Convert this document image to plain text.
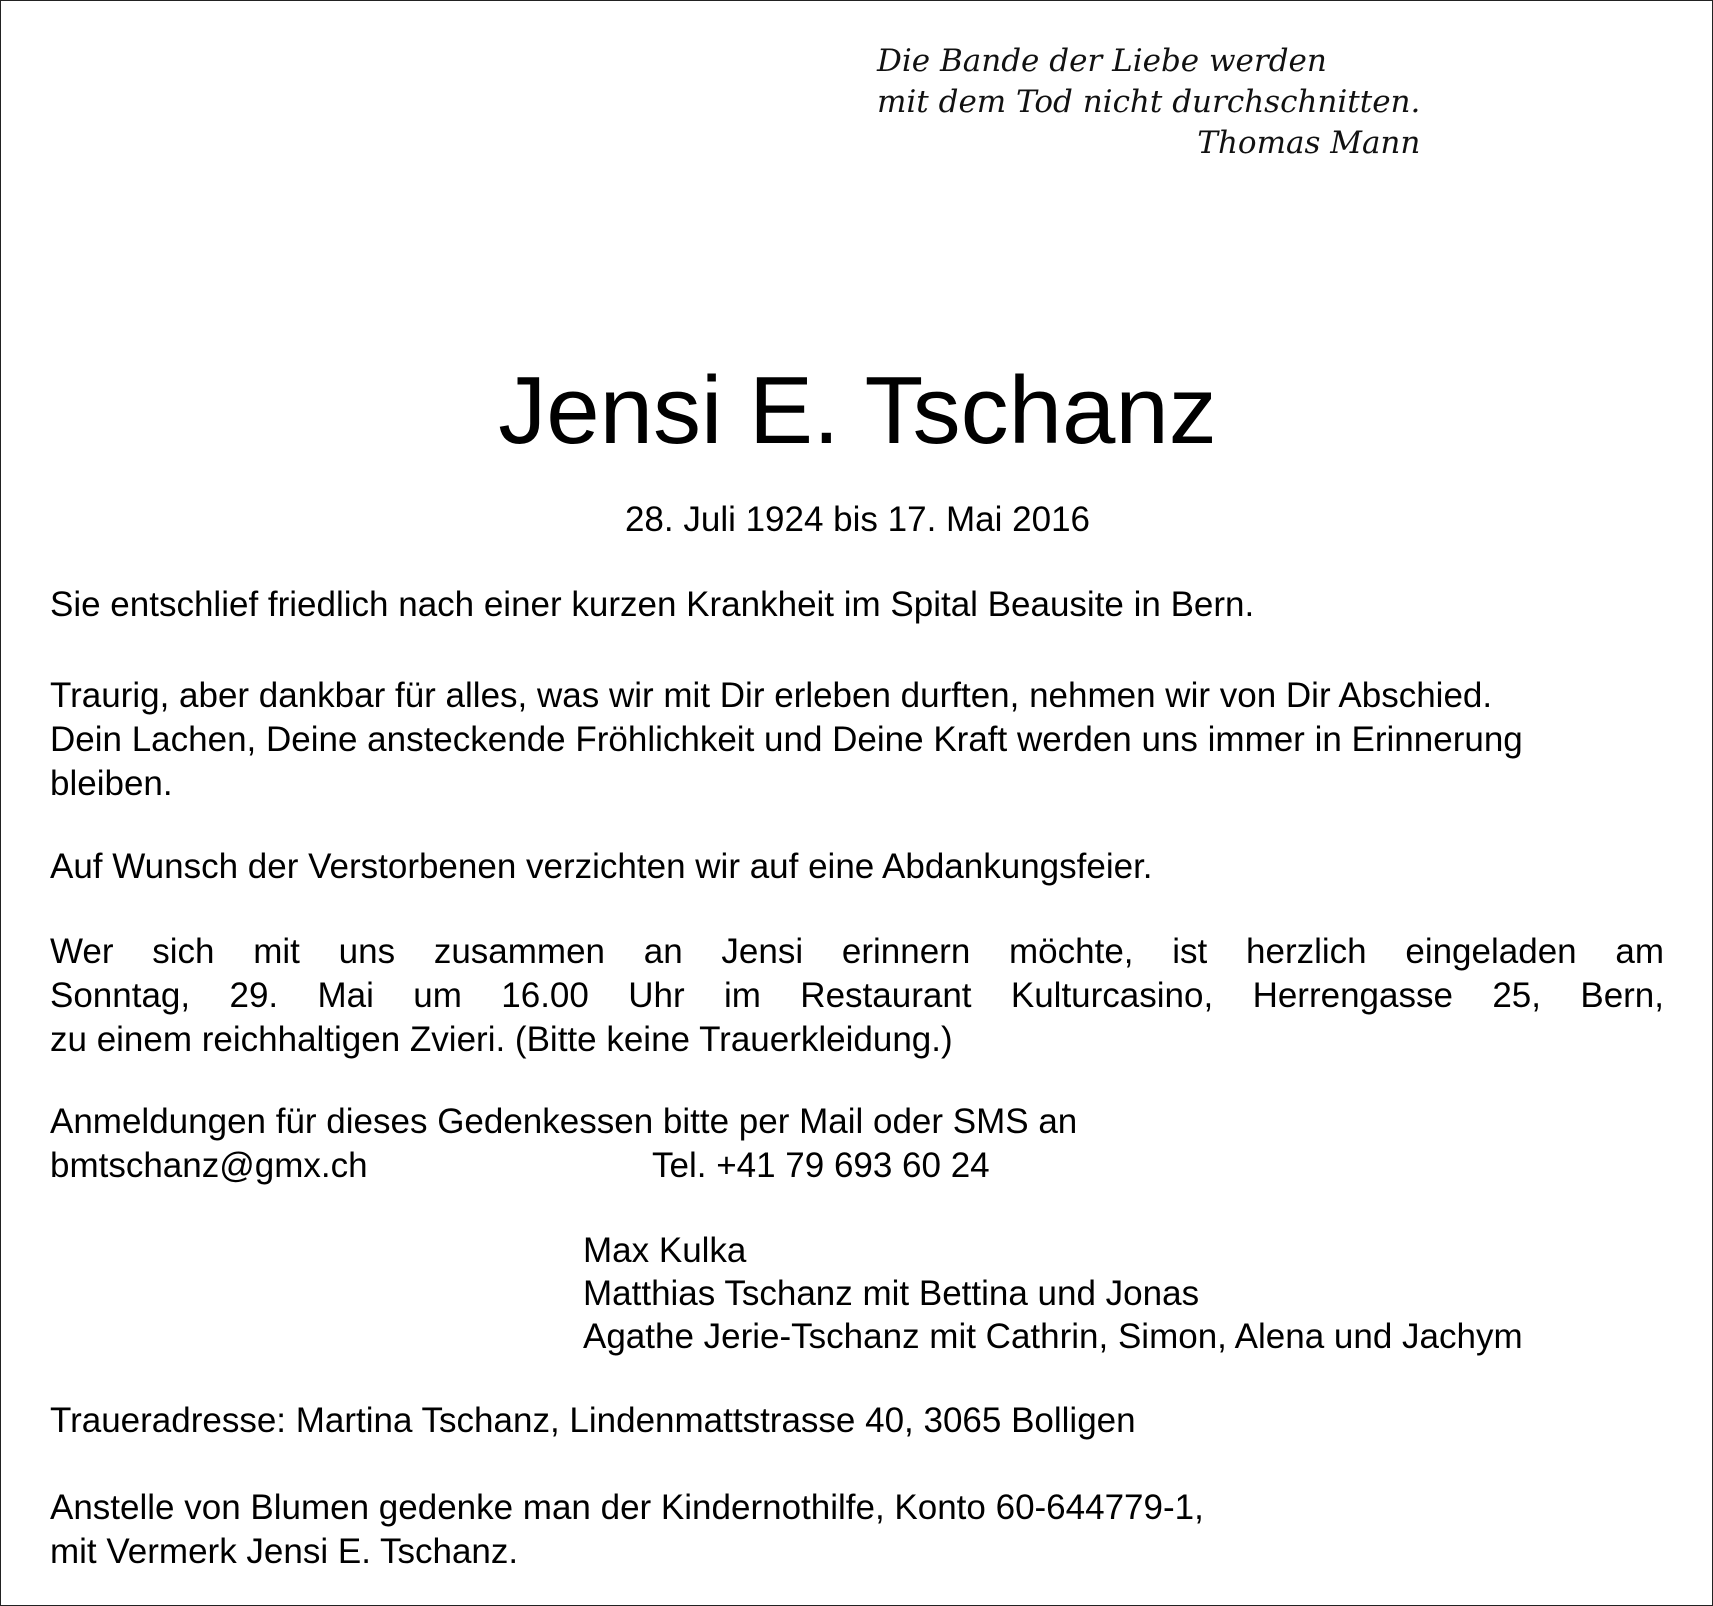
Die Bande der Liebe werden
mit dem Tod nicht durchschnitten.
Thomas Mann
Jensi E. Tschanz
28. Juli 1924 bis 17. Mai 2016
Sie entschlief friedlich nach einer kurzen Krankheit im Spital Beausite in Bern.
Traurig, aber dankbar für alles, was wir mit Dir erleben durften, nehmen wir von Dir Abschied.
Dein Lachen, Deine ansteckende Fröhlichkeit und Deine Kraft werden uns immer in Erinnerung
bleiben.
Auf Wunsch der Verstorbenen verzichten wir auf eine Abdankungsfeier.
Wer sich mit uns zusammen an Jensi erinnern möchte, ist herzlich eingeladen am
Sonntag, 29. Mai um 16.00 Uhr im Restaurant Kulturcasino, Herrengasse 25, Bern,
zu einem reichhaltigen Zvieri. (Bitte keine Trauerkleidung.)
Anmeldungen für dieses Gedenkessen bitte per Mail oder SMS an
bmtschanz@gmx.ch	Tel. +41 79 693 60 24
Max Kulka
Matthias Tschanz mit Bettina und Jonas
Agathe Jerie-Tschanz mit Cathrin, Simon, Alena und Jachym
Traueradresse: Martina Tschanz, Lindenmattstrasse 40, 3065 Bolligen
Anstelle von Blumen gedenke man der Kindernothilfe, Konto 60-644779-1,
mit Vermerk Jensi E. Tschanz.
